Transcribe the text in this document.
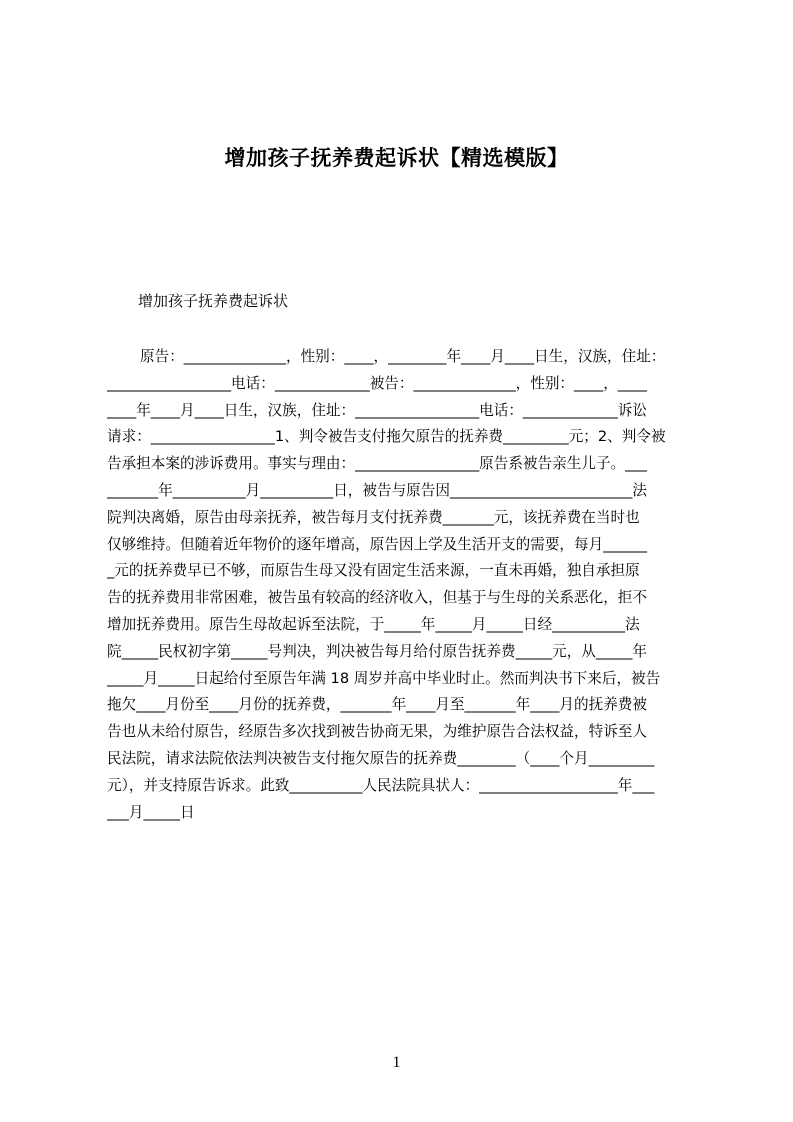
增加孩子抚养费起诉状【精选模版】
增加孩子抚养费起诉状
原告：______________，性别：____，________年____月____日生，汉族，住址：
_________________电话：_____________被告：______________，性别：____，____
____年____月____日生，汉族，住址：_________________电话：_____________诉讼
请求：_________________1、判令被告支付拖欠原告的抚养费_________元；2、判令被
告承担本案的涉诉费用。事实与理由：_________________原告系被告亲生儿子。___
_______年__________月__________日，被告与原告因_________________________法
院判决离婚，原告由母亲抚养，被告每月支付抚养费_______元，该抚养费在当时也
仅够维持。但随着近年物价的逐年增高，原告因上学及生活开支的需要，每月______
_元的抚养费早已不够，而原告生母又没有固定生活来源，一直未再婚，独自承担原
告的抚养费用非常困难，被告虽有较高的经济收入，但基于与生母的关系恶化，拒不
增加抚养费用。原告生母故起诉至法院，于_____年_____月_____日经__________法
院_____民权初字第_____号判决，判决被告每月给付原告抚养费_____元，从_____年
_____月_____日起给付至原告年满 18 周岁并高中毕业时止。然而判决书下来后，被告
拖欠____月份至____月份的抚养费，_______年____月至_______年____月的抚养费被
告也从未给付原告，经原告多次找到被告协商无果，为维护原告合法权益，特诉至人
民法院，请求法院依法判决被告支付拖欠原告的抚养费________（____个月_________
元），并支持原告诉求。此致__________人民法院具状人：___________________年___
___月_____日
1
